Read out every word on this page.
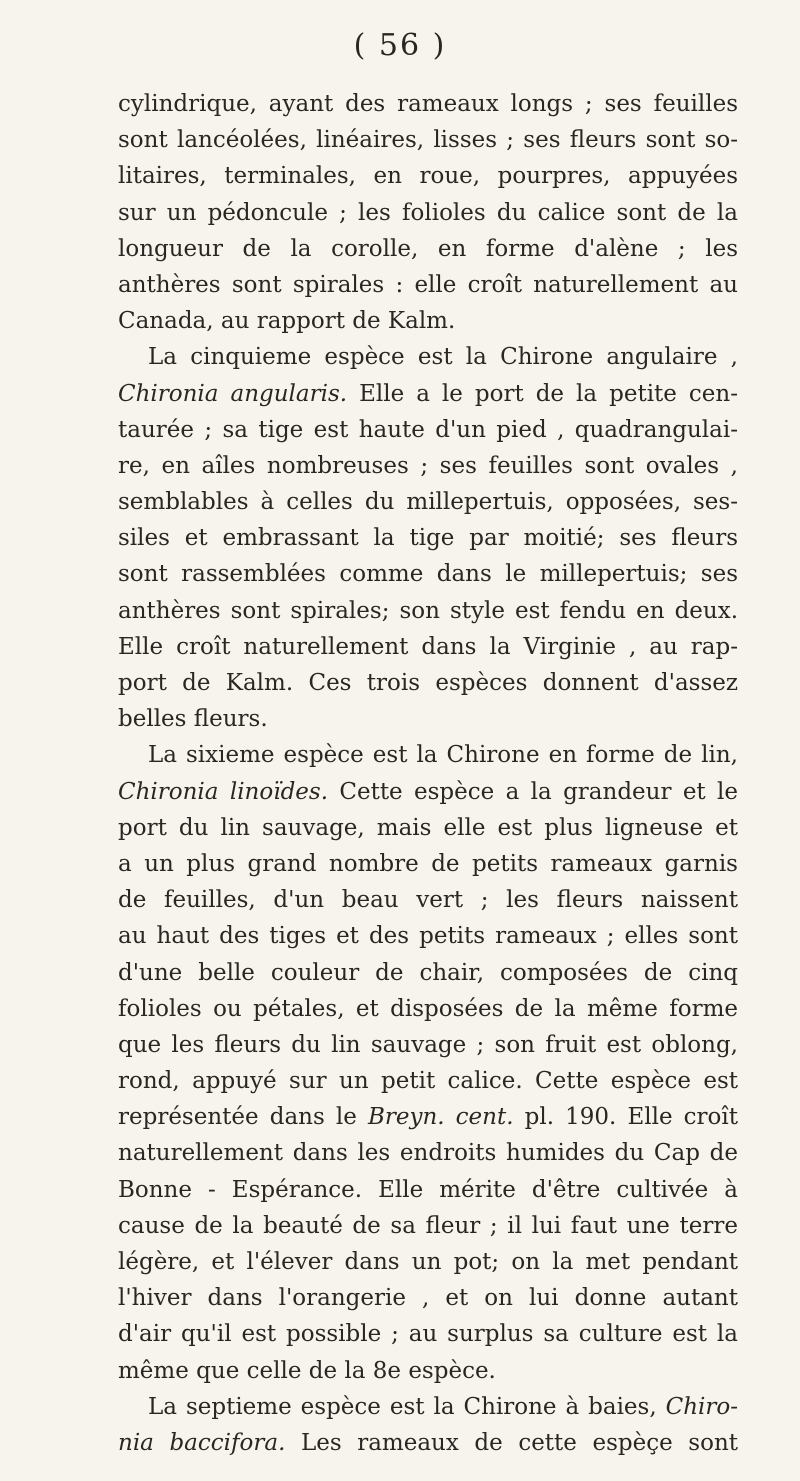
( 56 )
cylindrique, ayant des rameaux longs ; ses feuilles
sont lancéolées, linéaires, lisses ; ses fleurs sont so-
litaires, terminales, en roue, pourpres, appuyées
sur un pédoncule ; les folioles du calice sont de la
longueur de la corolle, en forme d'alène ; les
anthères sont spirales : elle croît naturellement au
Canada, au rapport de Kalm.
La cinquieme espèce est la Chirone angulaire ,
Chironia angularis. Elle a le port de la petite cen-
taurée ; sa tige est haute d'un pied , quadrangulai-
re, en aîles nombreuses ; ses feuilles sont ovales ,
semblables à celles du millepertuis, opposées, ses-
siles et embrassant la tige par moitié; ses fleurs
sont rassemblées comme dans le millepertuis; ses
anthères sont spirales; son style est fendu en deux.
Elle croît naturellement dans la Virginie , au rap-
port de Kalm. Ces trois espèces donnent d'assez
belles fleurs.
La sixieme espèce est la Chirone en forme de lin,
Chironia linoïdes. Cette espèce a la grandeur et le
port du lin sauvage, mais elle est plus ligneuse et
a un plus grand nombre de petits rameaux garnis
de feuilles, d'un beau vert ; les fleurs naissent
au haut des tiges et des petits rameaux ; elles sont
d'une belle couleur de chair, composées de cinq
folioles ou pétales, et disposées de la même forme
que les fleurs du lin sauvage ; son fruit est oblong,
rond, appuyé sur un petit calice. Cette espèce est
représentée dans le Breyn. cent. pl. 190. Elle croît
naturellement dans les endroits humides du Cap de
Bonne - Espérance. Elle mérite d'être cultivée à
cause de la beauté de sa fleur ; il lui faut une terre
légère, et l'élever dans un pot; on la met pendant
l'hiver dans l'orangerie , et on lui donne autant
d'air qu'il est possible ; au surplus sa culture est la
même que celle de la 8e espèce.
La septieme espèce est la Chirone à baies, Chiro-
nia baccifora. Les rameaux de cette espèçe sont
